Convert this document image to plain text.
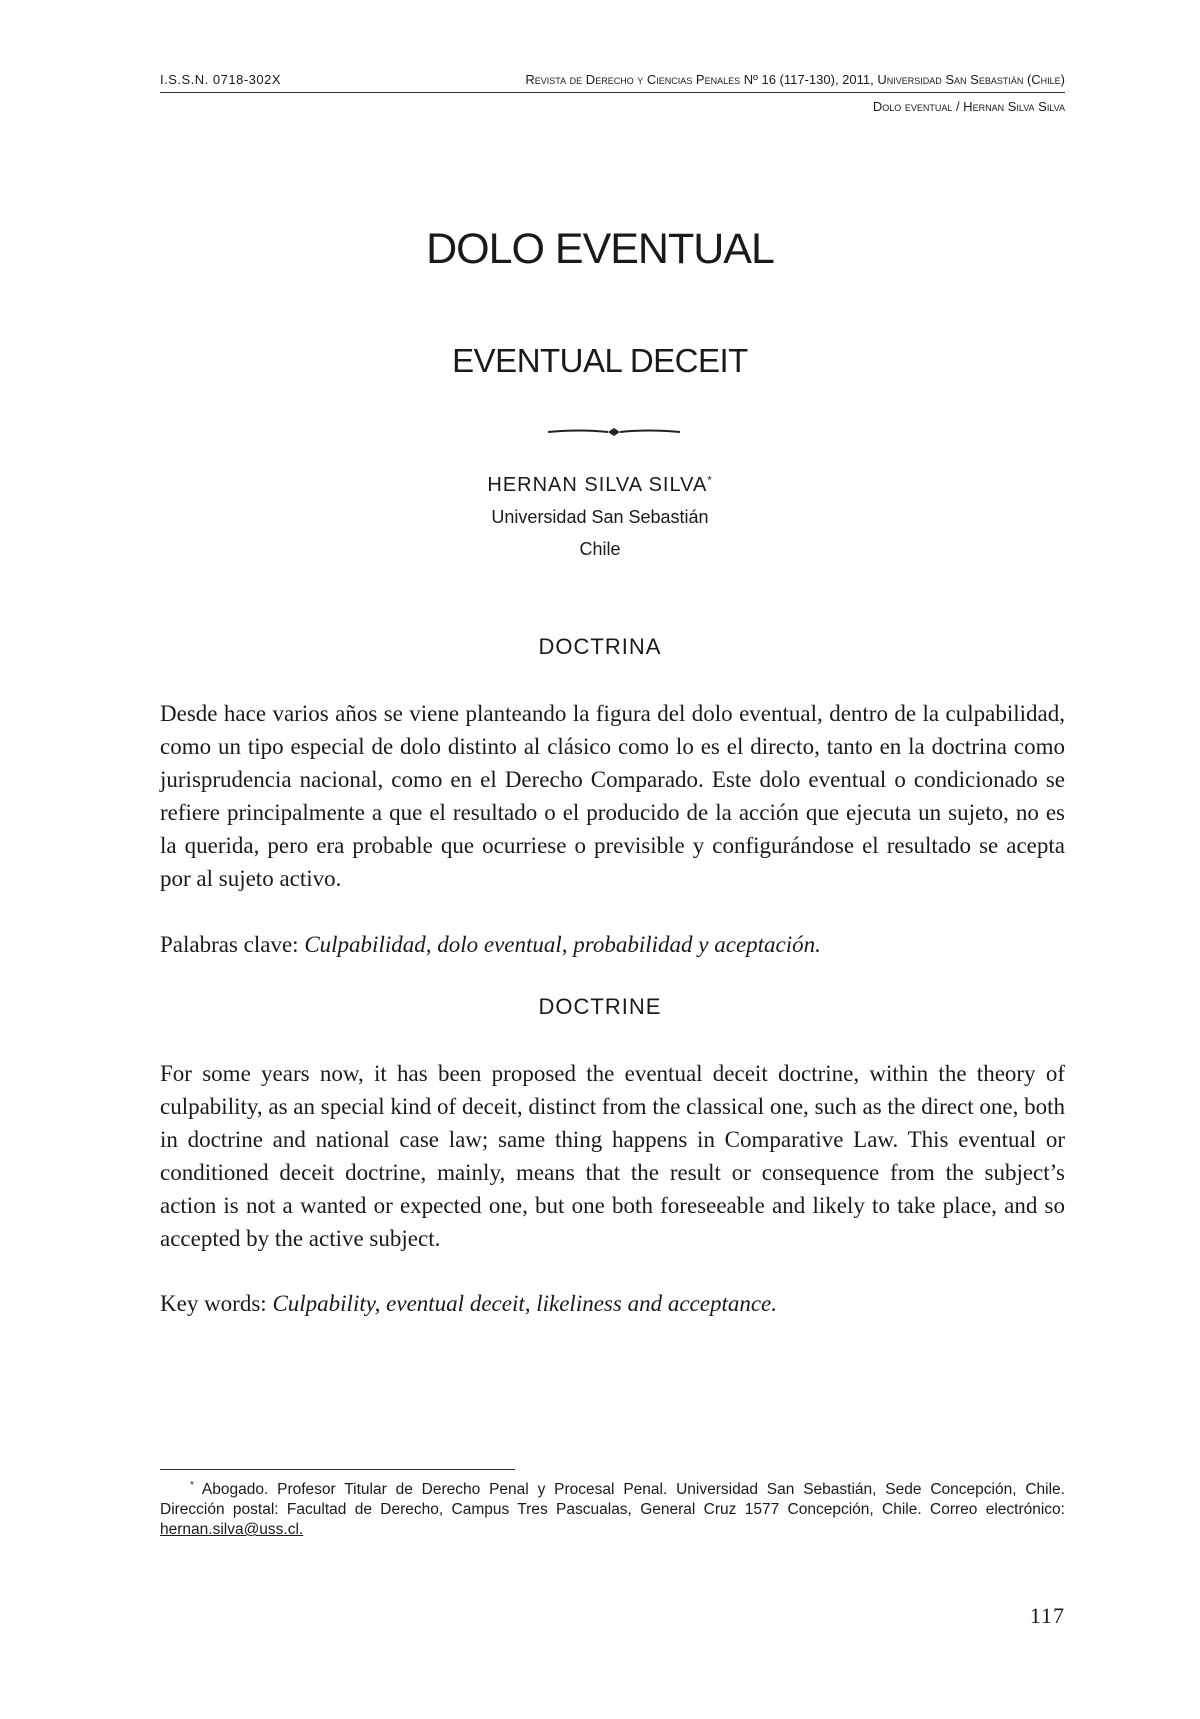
I.S.S.N. 0718-302X	Revista de Derecho y Ciencias Penales Nº 16 (117-130), 2011, Universidad San Sebastián (Chile)
Dolo eventual / Hernan Silva Silva
DOLO EVENTUAL
EVENTUAL DECEIT
HERNAN SILVA SILVA*
Universidad San Sebastián
Chile
DOCTRINA

Desde hace varios años se viene planteando la figura del dolo eventual, dentro de la culpabilidad, como un tipo especial de dolo distinto al clásico como lo es el directo, tanto en la doctrina como jurisprudencia nacional, como en el Derecho Comparado. Este dolo eventual o condicionado se refiere principalmente a que el resultado o el producido de la acción que ejecuta un sujeto, no es la querida, pero era probable que ocurriese o previsible y configurándose el resultado se acepta por al sujeto activo.

Palabras clave: Culpabilidad, dolo eventual, probabilidad y aceptación.
DOCTRINE

For some years now, it has been proposed the eventual deceit doctrine, within the theory of culpability, as an special kind of deceit, distinct from the classical one, such as the direct one, both in doctrine and national case law; same thing happens in Comparative Law. This eventual or conditioned deceit doctrine, mainly, means that the result or consequence from the subject’s action is not a wanted or expected one, but one both foreseeable and likely to take place, and so accepted by the active subject.

Key words: Culpability, eventual deceit, likeliness and acceptance.

* Abogado. Profesor Titular de Derecho Penal y Procesal Penal. Universidad San Sebastián, Sede Concepción, Chile. Dirección postal: Facultad de Derecho, Campus Tres Pascualas, General Cruz 1577 Concepción, Chile. Correo electrónico: hernan.silva@uss.cl.

117
